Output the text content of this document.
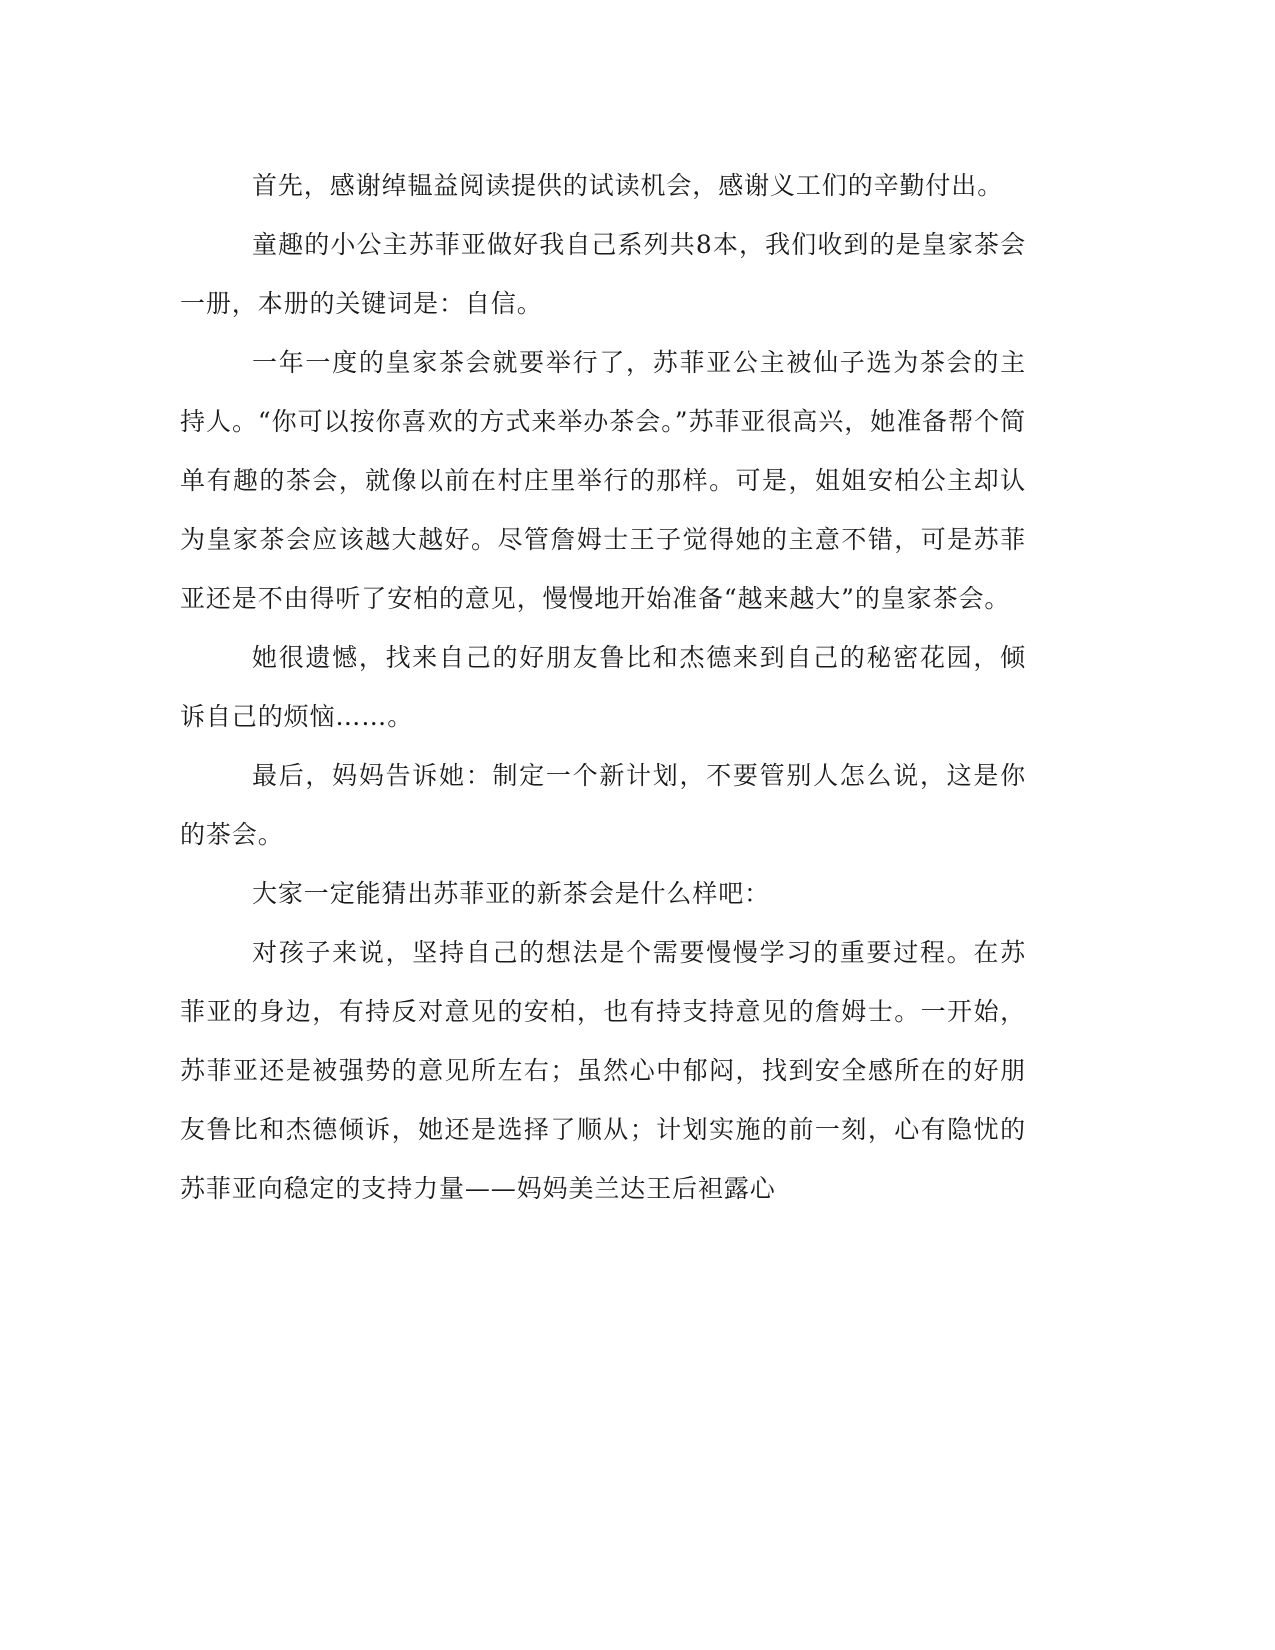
首先，感谢绰韫益阅读提供的试读机会，感谢义工们的辛勤付出。

童趣的小公主苏菲亚做好我自己系列共8本，我们收到的是皇家茶会一册，本册的关键词是：自信。

一年一度的皇家茶会就要举行了，苏菲亚公主被仙子选为茶会的主持人。“你可以按你喜欢的方式来举办茶会。”苏菲亚很高兴，她准备帮个简单有趣的茶会，就像以前在村庄里举行的那样。可是，姐姐安柏公主却认为皇家茶会应该越大越好。尽管詹姆士王子觉得她的主意不错，可是苏菲亚还是不由得听了安柏的意见，慢慢地开始准备“越来越大”的皇家茶会。

她很遗憾，找来自己的好朋友鲁比和杰德来到自己的秘密花园，倾诉自己的烦恼……。

最后，妈妈告诉她：制定一个新计划，不要管别人怎么说，这是你的茶会。

大家一定能猜出苏菲亚的新茶会是什么样吧：

对孩子来说，坚持自己的想法是个需要慢慢学习的重要过程。在苏菲亚的身边，有持反对意见的安柏，也有持支持意见的詹姆士。一开始，苏菲亚还是被强势的意见所左右；虽然心中郁闷，找到安全感所在的好朋友鲁比和杰德倾诉，她还是选择了顺从；计划实施的前一刻，心有隐忧的苏菲亚向稳定的支持力量——妈妈美兰达王后袒露心
